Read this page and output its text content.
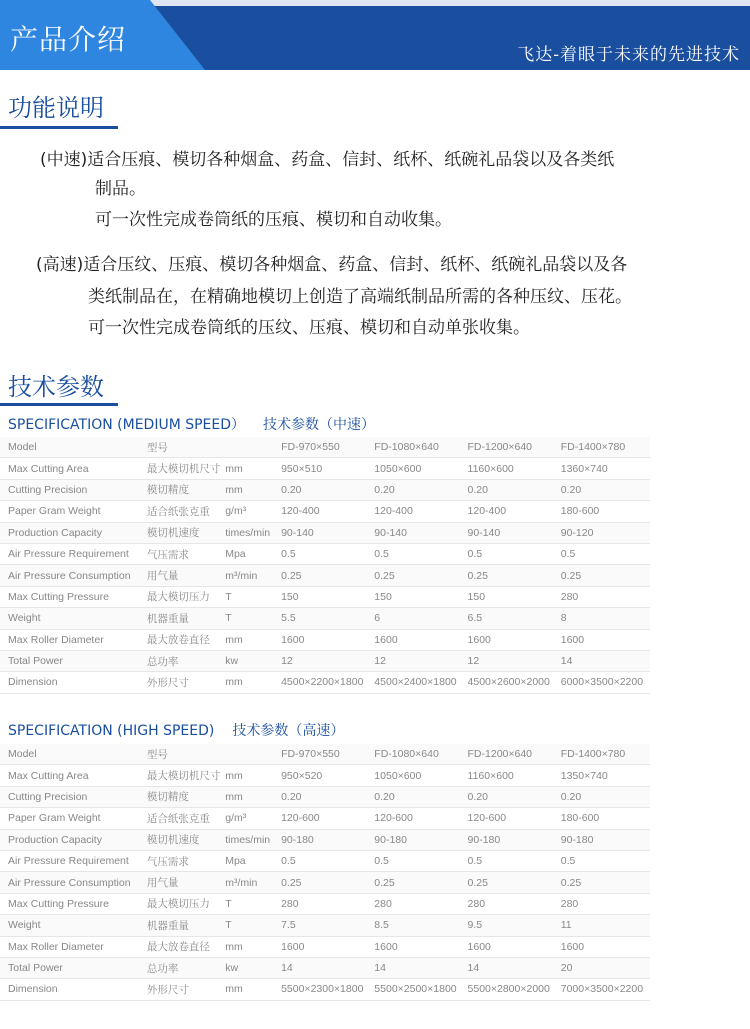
产品介绍	飞达-着眼于未来的先进技术
功能说明
(中速)适合压痕、模切各种烟盒、药盒、信封、纸杯、纸碗礼品袋以及各类纸
制品。
可一次性完成卷筒纸的压痕、模切和自动收集。
(高速)适合压纹、压痕、模切各种烟盒、药盒、信封、纸杯、纸碗礼品袋以及各
类纸制品在，在精确地模切上创造了高端纸制品所需的各种压纹、压花。
可一次性完成卷筒纸的压纹、压痕、模切和自动单张收集。
技术参数
SPECIFICATION (MEDIUM SPEED） 技术参数（中速）
Model	型号		FD-970×550	FD-1080×640	FD-1200×640	FD-1400×780
Max Cutting Area	最大模切机尺寸	mm	950×510	1050×600	1160×600	1360×740
Cutting Precision	模切精度	mm	0.20	0.20	0.20	0.20
Paper Gram Weight	适合纸张克重	g/m³	120-400	120-400	120-400	180-600
Production Capacity	模切机速度	times/min	90-140	90-140	90-140	90-120
Air Pressure Requirement	气压需求	Mpa	0.5	0.5	0.5	0.5
Air Pressure Consumption	用气量	m³/min	0.25	0.25	0.25	0.25
Max Cutting Pressure	最大模切压力	T	150	150	150	280
Weight	机器重量	T	5.5	6	6.5	8
Max Roller Diameter	最大放卷直径	mm	1600	1600	1600	1600
Total Power	总功率	kw	12	12	12	14
Dimension	外形尺寸	mm	4500×2200×1800	4500×2400×1800	4500×2600×2000	6000×3500×2200
SPECIFICATION (HIGH SPEED) 技术参数（高速）
Model	型号		FD-970×550	FD-1080×640	FD-1200×640	FD-1400×780
Max Cutting Area	最大模切机尺寸	mm	950×520	1050×600	1160×600	1350×740
Cutting Precision	模切精度	mm	0.20	0.20	0.20	0.20
Paper Gram Weight	适合纸张克重	g/m³	120-600	120-600	120-600	180-600
Production Capacity	模切机速度	times/min	90-180	90-180	90-180	90-180
Air Pressure Requirement	气压需求	Mpa	0.5	0.5	0.5	0.5
Air Pressure Consumption	用气量	m³/min	0.25	0.25	0.25	0.25
Max Cutting Pressure	最大模切压力	T	280	280	280	280
Weight	机器重量	T	7.5	8.5	9.5	11
Max Roller Diameter	最大放卷直径	mm	1600	1600	1600	1600
Total Power	总功率	kw	14	14	14	20
Dimension	外形尺寸	mm	5500×2300×1800	5500×2500×1800	5500×2800×2000	7000×3500×2200
